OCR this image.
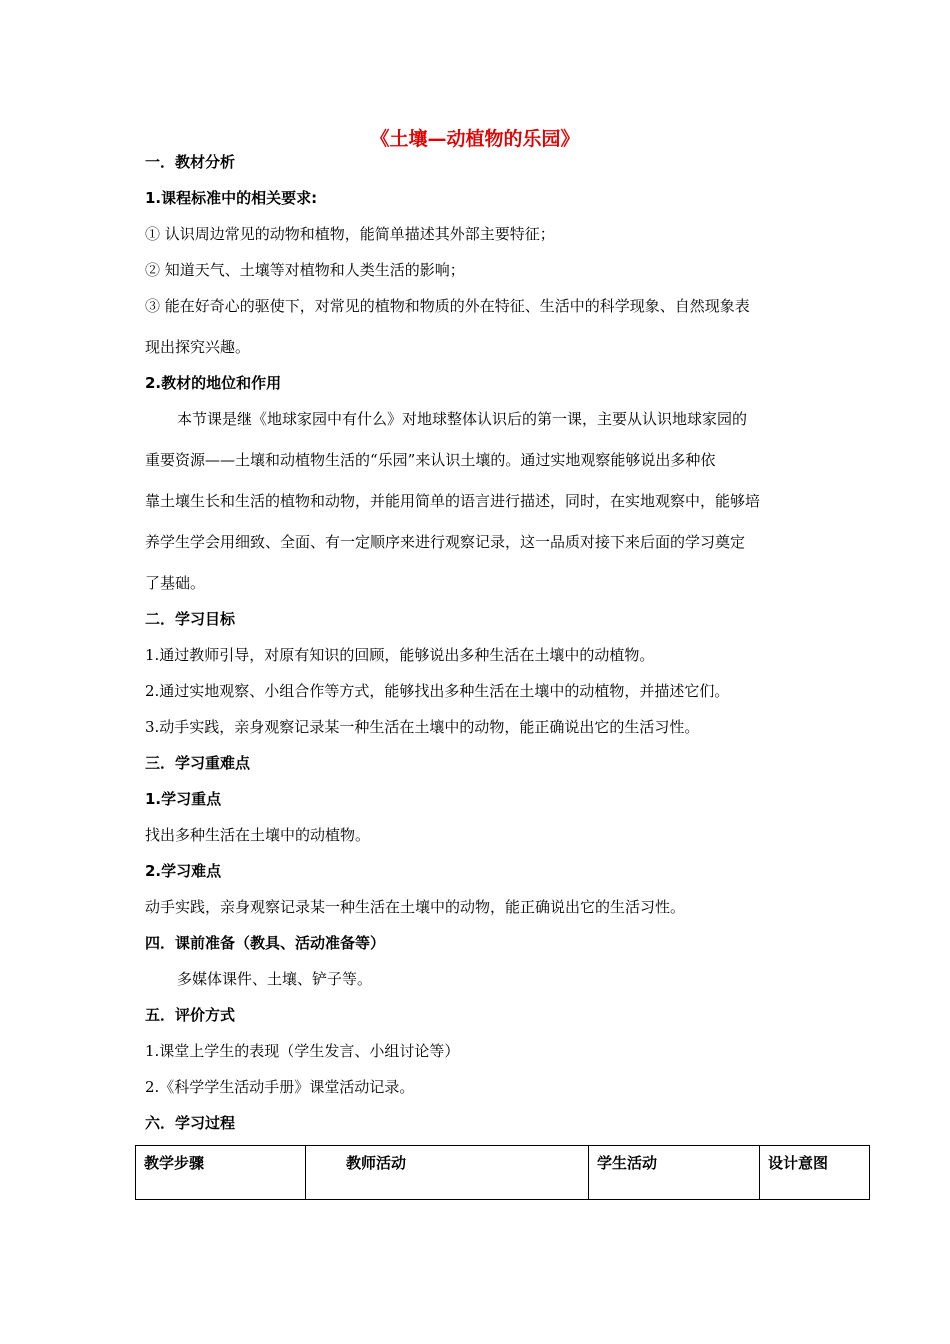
《土壤—动植物的乐园》
一．教材分析
1.课程标准中的相关要求:
① 认识周边常见的动物和植物，能简单描述其外部主要特征；
② 知道天气、土壤等对植物和人类生活的影响；
③ 能在好奇心的驱使下，对常见的植物和物质的外在特征、生活中的科学现象、自然现象表
现出探究兴趣。
2.教材的地位和作用
本节课是继《地球家园中有什么》对地球整体认识后的第一课，主要从认识地球家园的
重要资源——土壤和动植物生活的“乐园”来认识土壤的。通过实地观察能够说出多种依
靠土壤生长和生活的植物和动物，并能用简单的语言进行描述，同时，在实地观察中，能够培
养学生学会用细致、全面、有一定顺序来进行观察记录，这一品质对接下来后面的学习奠定
了基础。
二．学习目标
1.通过教师引导，对原有知识的回顾，能够说出多种生活在土壤中的动植物。
2.通过实地观察、小组合作等方式，能够找出多种生活在土壤中的动植物，并描述它们。
3.动手实践，亲身观察记录某一种生活在土壤中的动物，能正确说出它的生活习性。
三．学习重难点
1.学习重点
找出多种生活在土壤中的动植物。
2.学习难点
动手实践，亲身观察记录某一种生活在土壤中的动物，能正确说出它的生活习性。
四．课前准备（教具、活动准备等）
多媒体课件、土壤、铲子等。
五．评价方式
1.课堂上学生的表现（学生发言、小组讨论等）
2.《科学学生活动手册》课堂活动记录。
六．学习过程
教学步骤	教师活动	学生活动	设计意图
